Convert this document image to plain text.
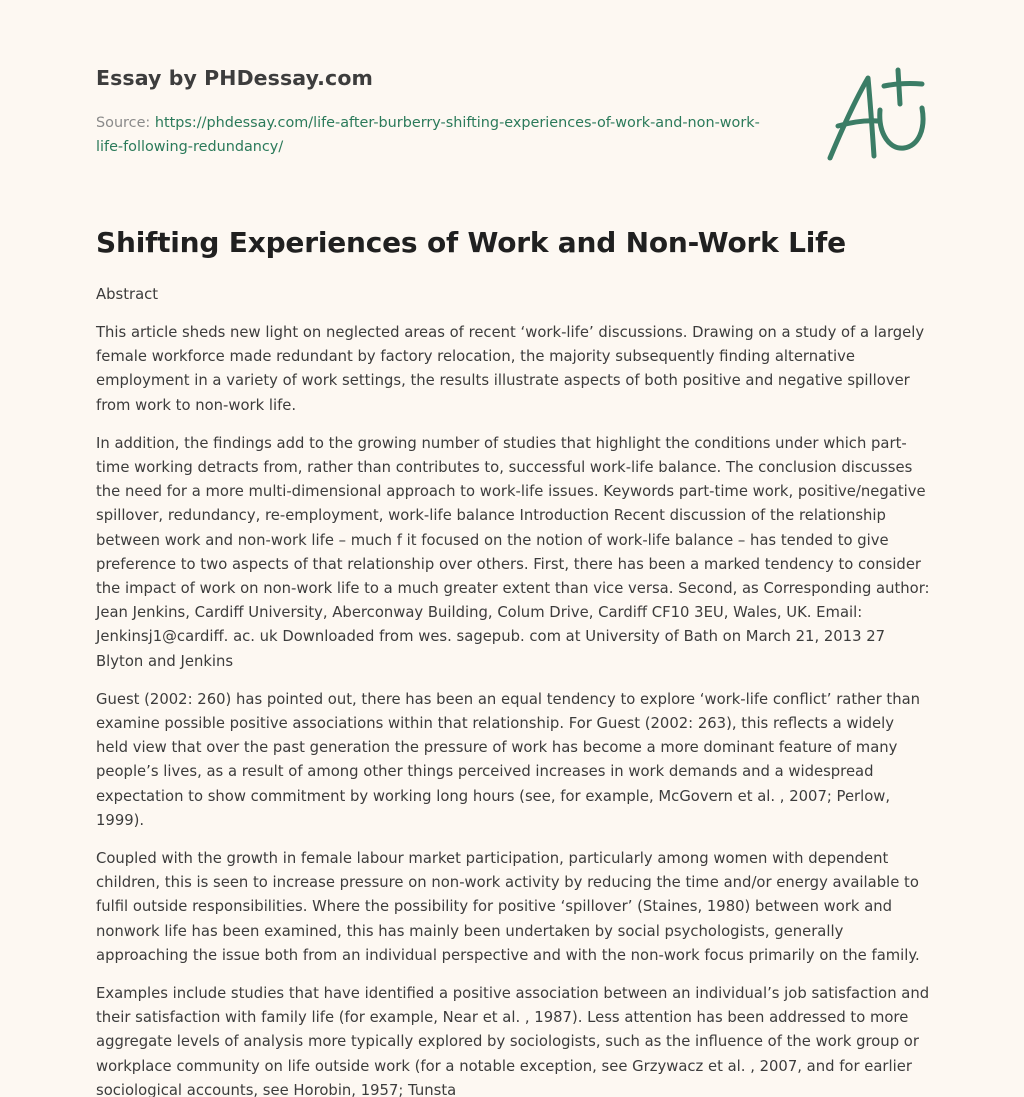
Essay by PHDessay.com
Source: https://phdessay.com/life-after-burberry-shifting-experiences-of-work-and-non-work-life-following-redundancy/
Shifting Experiences of Work and Non-Work Life
Abstract

This article sheds new light on neglected areas of recent ‘work-life’ discussions. Drawing on a study of a largely female workforce made redundant by factory relocation, the majority subsequently finding alternative employment in a variety of work settings, the results illustrate aspects of both positive and negative spillover from work to non-work life.

In addition, the findings add to the growing number of studies that highlight the conditions under which part-time working detracts from, rather than contributes to, successful work-life balance. The conclusion discusses the need for a more multi-dimensional approach to work-life issues. Keywords part-time work, positive/negative spillover, redundancy, re-employment, work-life balance Introduction Recent discussion of the relationship between work and non-work life – much f it focused on the notion of work-life balance – has tended to give preference to two aspects of that relationship over others. First, there has been a marked tendency to consider the impact of work on non-work life to a much greater extent than vice versa. Second, as Corresponding author: Jean Jenkins, Cardiff University, Aberconway Building, Colum Drive, Cardiff CF10 3EU, Wales, UK. Email: Jenkinsj1@cardiff. ac. uk Downloaded from wes. sagepub. com at University of Bath on March 21, 2013 27 Blyton and Jenkins

Guest (2002: 260) has pointed out, there has been an equal tendency to explore ‘work-life conflict’ rather than examine possible positive associations within that relationship. For Guest (2002: 263), this reflects a widely held view that over the past generation the pressure of work has become a more dominant feature of many people’s lives, as a result of among other things perceived increases in work demands and a widespread expectation to show commitment by working long hours (see, for example, McGovern et al. , 2007; Perlow, 1999).

Coupled with the growth in female labour market participation, particularly among women with dependent children, this is seen to increase pressure on non-work activity by reducing the time and/or energy available to fulfil outside responsibilities. Where the possibility for positive ‘spillover’ (Staines, 1980) between work and nonwork life has been examined, this has mainly been undertaken by social psychologists, generally approaching the issue both from an individual perspective and with the non-work focus primarily on the family.

Examples include studies that have identified a positive association between an individual’s job satisfaction and their satisfaction with family life (for example, Near et al. , 1987). Less attention has been addressed to more aggregate levels of analysis more typically explored by sociologists, such as the influence of the work group or workplace community on life outside work (for a notable exception, see Grzywacz et al. , 2007, and for earlier sociological accounts, see Horobin, 1957; Tunsta
